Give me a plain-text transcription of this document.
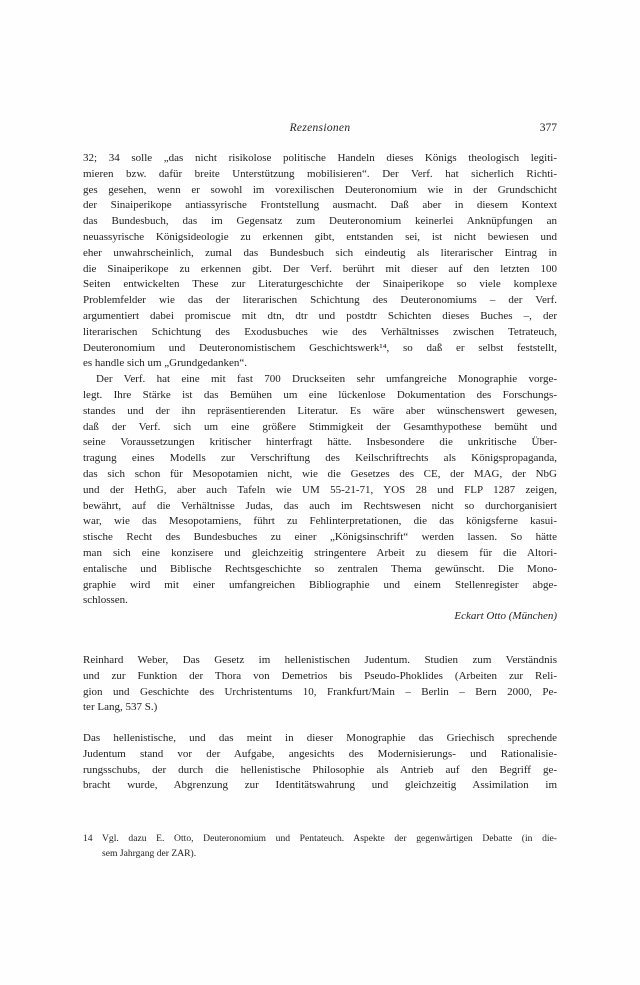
Rezensionen	377
32; 34 solle „das nicht risikolose politische Handeln dieses Königs theologisch legiti-
mieren bzw. dafür breite Unterstützung mobilisieren“. Der Verf. hat sicherlich Richti-
ges gesehen, wenn er sowohl im vorexilischen Deuteronomium wie in der Grundschicht
der Sinaiperikope antiassyrische Frontstellung ausmacht. Daß aber in diesem Kontext
das Bundesbuch, das im Gegensatz zum Deuteronomium keinerlei Anknüpfungen an
neuassyrische Königsideologie zu erkennen gibt, entstanden sei, ist nicht bewiesen und
eher unwahrscheinlich, zumal das Bundesbuch sich eindeutig als literarischer Eintrag in
die Sinaiperikope zu erkennen gibt. Der Verf. berührt mit dieser auf den letzten 100
Seiten entwickelten These zur Literaturgeschichte der Sinaiperikope so viele komplexe
Problemfelder wie das der literarischen Schichtung des Deuteronomiums – der Verf.
argumentiert dabei promiscue mit dtn, dtr und postdtr Schichten dieses Buches –, der
literarischen Schichtung des Exodusbuches wie des Verhältnisses zwischen Tetrateuch,
Deuteronomium und Deuteronomistischem Geschichtswerk¹⁴, so daß er selbst feststellt,
es handle sich um „Grundgedanken“.
Der Verf. hat eine mit fast 700 Druckseiten sehr umfangreiche Monographie vorge-
legt. Ihre Stärke ist das Bemühen um eine lückenlose Dokumentation des Forschungs-
standes und der ihn repräsentierenden Literatur. Es wäre aber wünschenswert gewesen,
daß der Verf. sich um eine größere Stimmigkeit der Gesamthypothese bemüht und
seine Voraussetzungen kritischer hinterfragt hätte. Insbesondere die unkritische Über-
tragung eines Modells zur Verschriftung des Keilschriftrechts als Königspropaganda,
das sich schon für Mesopotamien nicht, wie die Gesetzes des CE, der MAG, der NbG
und der HethG, aber auch Tafeln wie UM 55-21-71, YOS 28 und FLP 1287 zeigen,
bewährt, auf die Verhältnisse Judas, das auch im Rechtswesen nicht so durchorganisiert
war, wie das Mesopotamiens, führt zu Fehlinterpretationen, die das königsferne kasui-
stische Recht des Bundesbuches zu einer „Königsinschrift“ werden lassen. So hätte
man sich eine konzisere und gleichzeitig stringentere Arbeit zu diesem für die Altori-
entalische und Biblische Rechtsgeschichte so zentralen Thema gewünscht. Die Mono-
graphie wird mit einer umfangreichen Bibliographie und einem Stellenregister abge-
schlossen.
Eckart Otto (München)
Reinhard Weber, Das Gesetz im hellenistischen Judentum. Studien zum Verständnis
und zur Funktion der Thora von Demetrios bis Pseudo-Phoklides (Arbeiten zur Reli-
gion und Geschichte des Urchristentums 10, Frankfurt/Main – Berlin – Bern 2000, Pe-
ter Lang, 537 S.)
Das hellenistische, und das meint in dieser Monographie das Griechisch sprechende
Judentum stand vor der Aufgabe, angesichts des Modernisierungs- und Rationalisie-
rungsschubs, der durch die hellenistische Philosophie als Antrieb auf den Begriff ge-
bracht wurde, Abgrenzung zur Identitätswahrung und gleichzeitig Assimilation im
14 Vgl. dazu E. Otto, Deuteronomium und Pentateuch. Aspekte der gegenwärtigen Debatte (in die-
sem Jahrgang der ZAR).
